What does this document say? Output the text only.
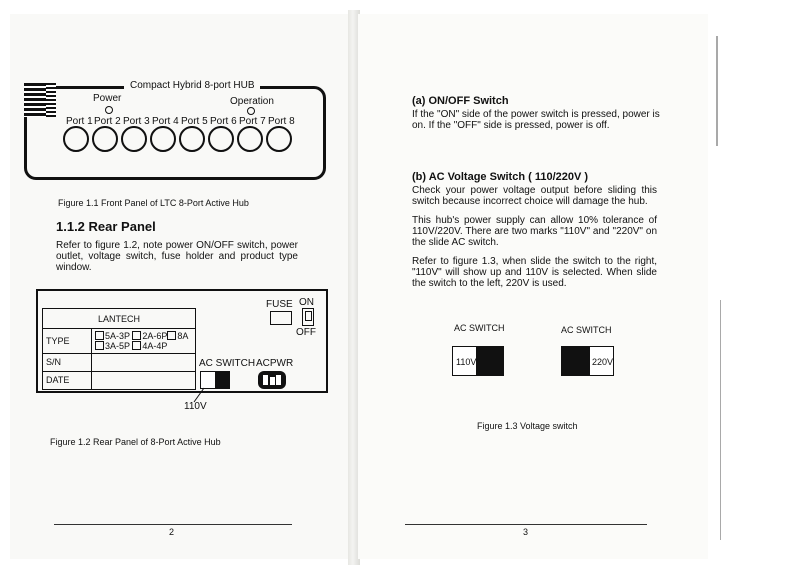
Compact Hybrid 8-port HUB
Power	Operation
Port 1 Port 2 Port 3 Port 4 Port 5 Port 6 Port 7 Port 8
Figure 1.1 Front Panel of LTC 8-Port Active Hub
1.1.2 Rear Panel

Refer to figure 1.2, note power ON/OFF switch, power outlet, voltage switch, fuse holder and product type window.

LANTECH	
TYPE	5A-3P 2A-6P 8A
3A-5P 4A-4P

S/N	
DATE	
FUSE ON
OFF
AC SWITCH ACPWR
110V
Figure 1.2 Rear Panel of 8-Port Active Hub
2
(a) ON/OFF Switch

If the "ON" side of the power switch is pressed, power is on. If the "OFF" side is pressed, power is off.

(b) AC Voltage Switch ( 110/220V )

Check your power voltage output before sliding this switch because incorrect choice will damage the hub.

This hub's power supply can allow 10% tolerance of 110V/220V. There are two marks "110V" and "220V" on the slide AC switch.

Refer to figure 1.3, when slide the switch to the right, "110V" will show up and 110V is selected. When slide the switch to the left, 220V is used.

AC SWITCH
110V
AC SWITCH
220V
Figure 1.3 Voltage switch
3
